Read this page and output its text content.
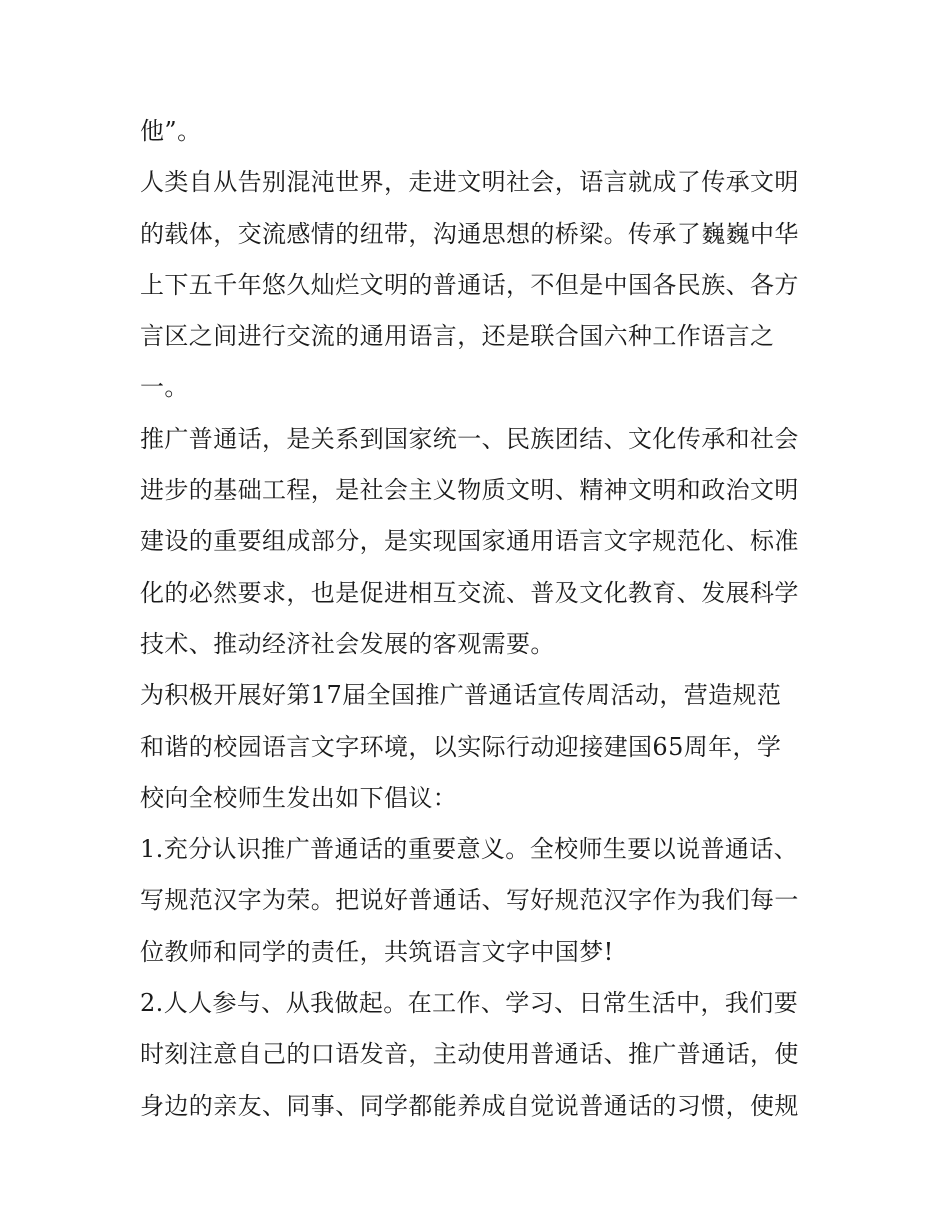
他”。
人类自从告别混沌世界，走进文明社会，语言就成了传承文明
的载体，交流感情的纽带，沟通思想的桥梁。传承了巍巍中华
上下五千年悠久灿烂文明的普通话，不但是中国各民族、各方
言区之间进行交流的通用语言，还是联合国六种工作语言之
一。
推广普通话，是关系到国家统一、民族团结、文化传承和社会
进步的基础工程，是社会主义物质文明、精神文明和政治文明
建设的重要组成部分，是实现国家通用语言文字规范化、标准
化的必然要求，也是促进相互交流、普及文化教育、发展科学
技术、推动经济社会发展的客观需要。
为积极开展好第17届全国推广普通话宣传周活动，营造规范
和谐的校园语言文字环境，以实际行动迎接建国65周年，学
校向全校师生发出如下倡议：
1.充分认识推广普通话的重要意义。全校师生要以说普通话、
写规范汉字为荣。把说好普通话、写好规范汉字作为我们每一
位教师和同学的责任，共筑语言文字中国梦!
2.人人参与、从我做起。在工作、学习、日常生活中，我们要
时刻注意自己的口语发音，主动使用普通话、推广普通话，使
身边的亲友、同事、同学都能养成自觉说普通话的习惯，使规
